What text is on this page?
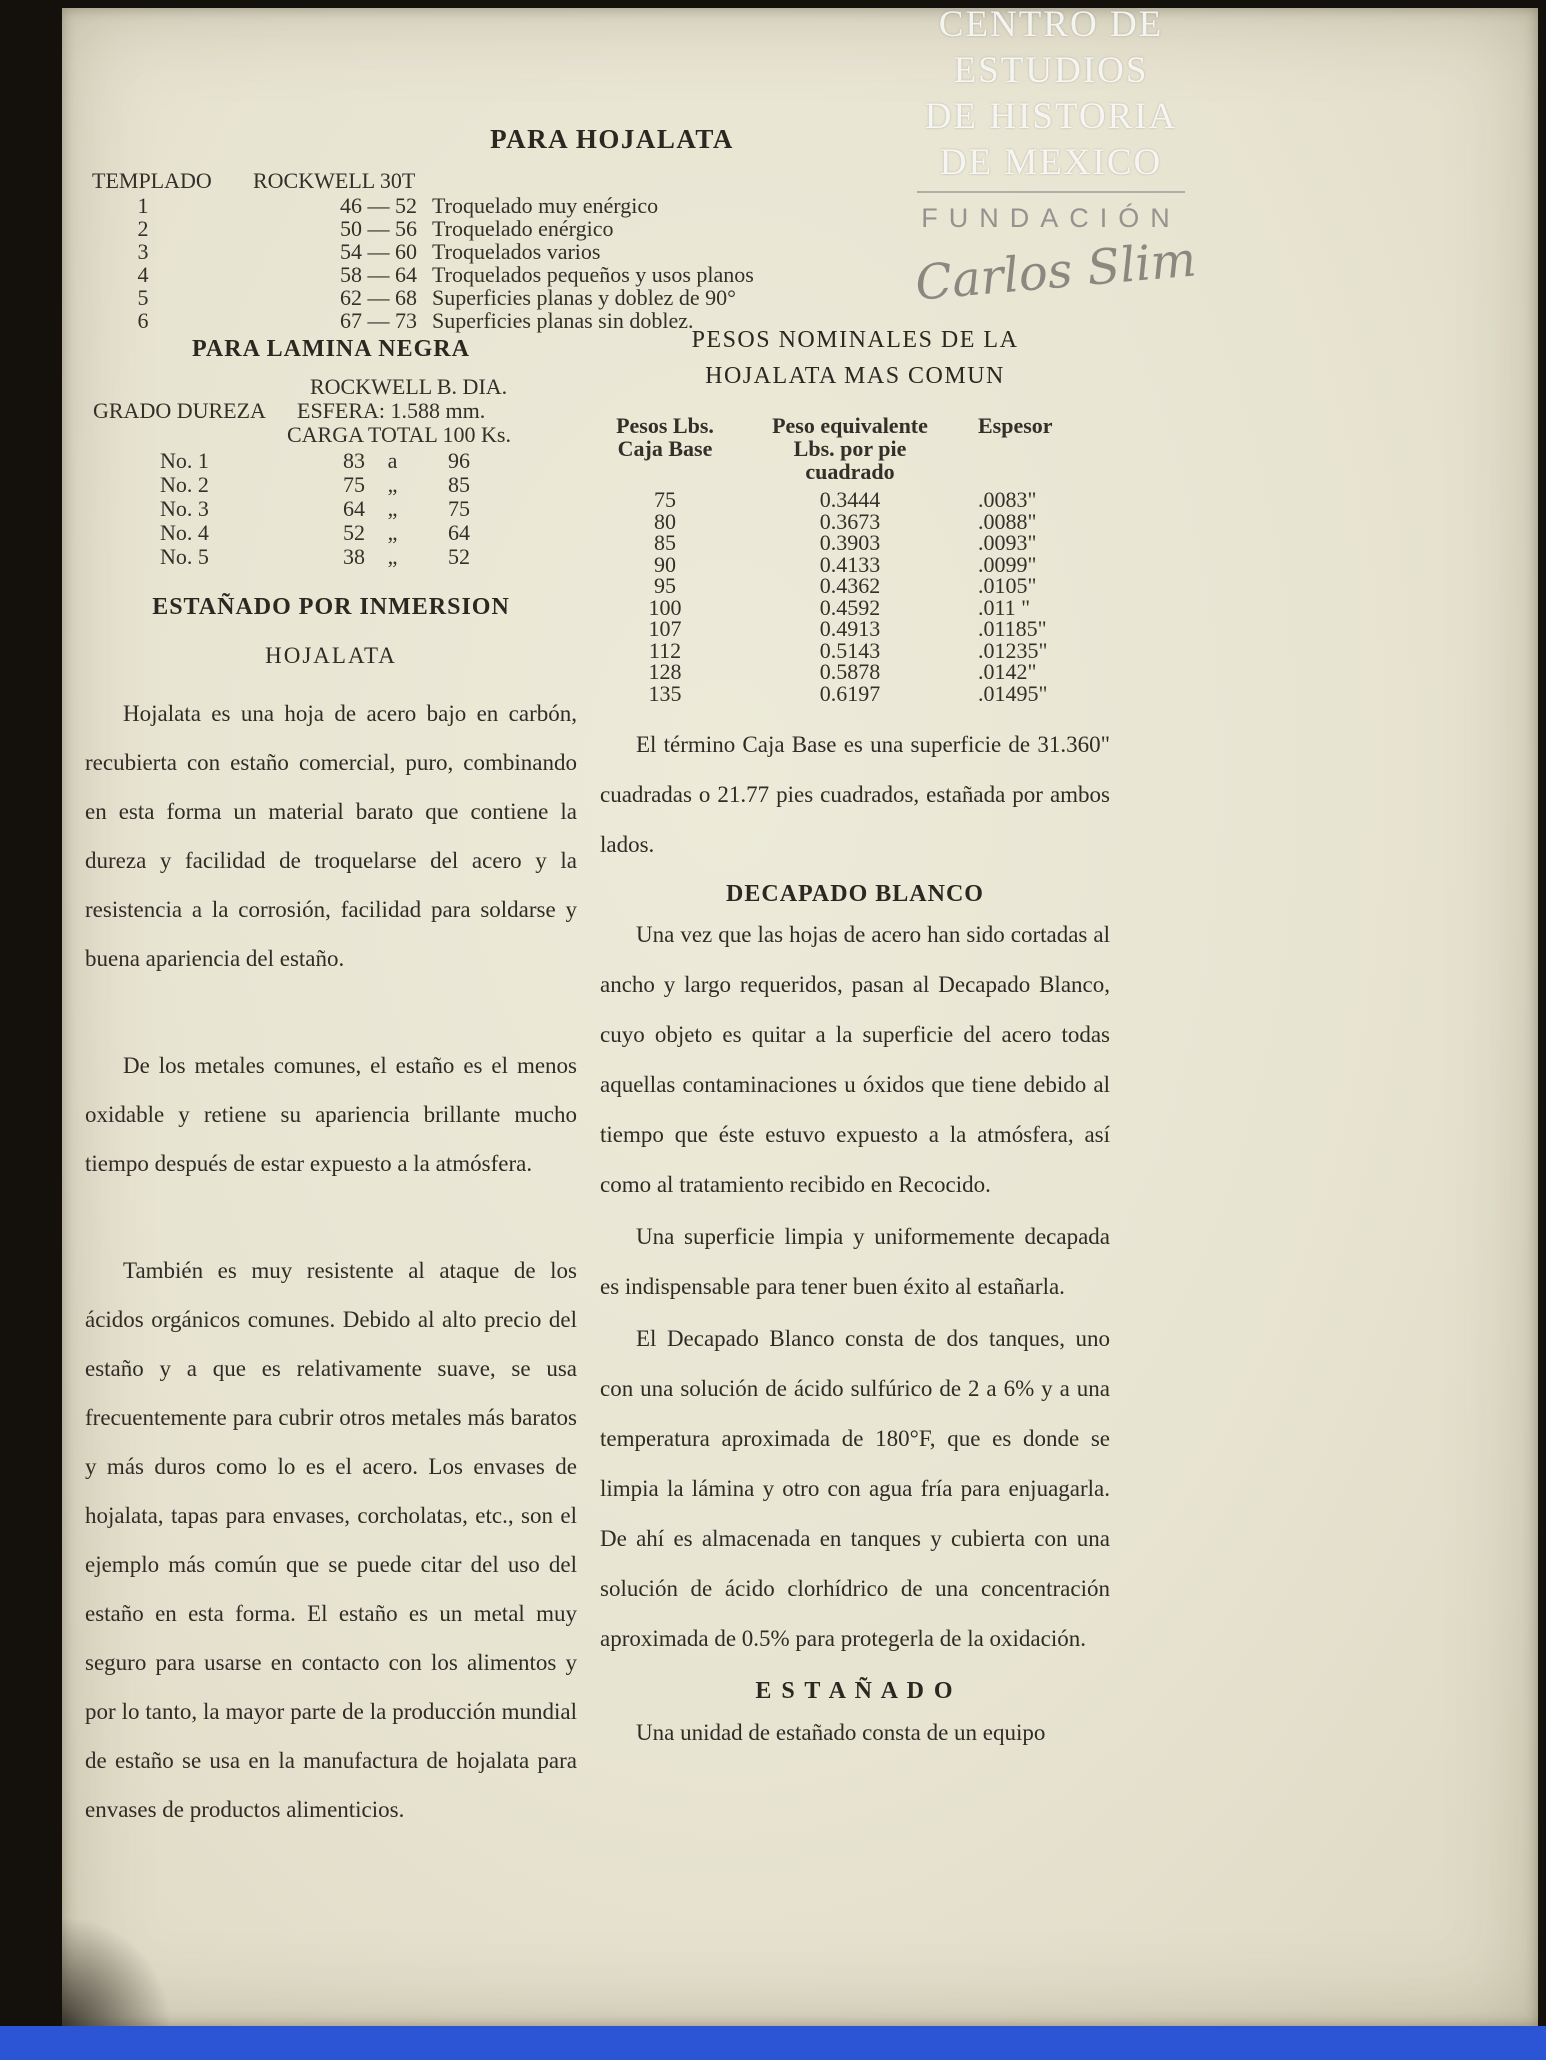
PARA HOJALATA
TEMPLADO	ROCKWELL 30T
1	46 — 52 Troquelado muy enérgico
2	50 — 56 Troquelado enérgico
3	54 — 60 Troquelados varios
4	58 — 64 Troquelados pequeños y usos planos
5	62 — 68 Superficies planas y doblez de 90°
6	67 — 73 Superficies planas sin doblez.
PARA LAMINA NEGRA
ROCKWELL B. DIA.
GRADO DUREZA	ESFERA: 1.588 mm.
CARGA TOTAL 100 Ks.
No. 1	83	a	96
No. 2	75	„	85
No. 3	64	„	75
No. 4	52	„	64
No. 5	38	„	52
ESTAÑADO POR INMERSION
HOJALATA

Hojalata es una hoja de acero bajo en carbón, recubierta con estaño comercial, puro, combinando en esta forma un material barato que contiene la dureza y facilidad de troquelarse del acero y la resistencia a la corrosión, facilidad para soldarse y buena apariencia del estaño.

De los metales comunes, el estaño es el menos oxidable y retiene su apariencia brillante mucho tiempo después de estar expuesto a la atmósfera.

También es muy resistente al ataque de los ácidos orgánicos comunes. Debido al alto precio del estaño y a que es relativamente suave, se usa frecuentemente para cubrir otros metales más baratos y más duros como lo es el acero. Los envases de hojalata, tapas para envases, corcholatas, etc., son el ejemplo más común que se puede citar del uso del estaño en esta forma. El estaño es un metal muy seguro para usarse en contacto con los alimentos y por lo tanto, la mayor parte de la producción mundial de estaño se usa en la manufactura de hojalata para envases de productos alimenticios.

PESOS NOMINALES DE LA
HOJALATA MAS COMUN
Pesos Lbs.
Caja Base
Peso equivalente
Lbs. por pie
cuadrado
Espesor
75	0.3444	.0083"
80	0.3673	.0088"
85	0.3903	.0093"
90	0.4133	.0099"
95	0.4362	.0105"
100	0.4592	.011 "
107	0.4913	.01185"
112	0.5143	.01235"
128	0.5878	.0142"
135	0.6197	.01495"

El término Caja Base es una superficie de 31.360" cuadradas o 21.77 pies cuadrados, estañada por ambos lados.

DECAPADO BLANCO

Una vez que las hojas de acero han sido cortadas al ancho y largo requeridos, pasan al Decapado Blanco, cuyo objeto es quitar a la superficie del acero todas aquellas contaminaciones u óxidos que tiene debido al tiempo que éste estuvo expuesto a la atmósfera, así como al tratamiento recibido en Recocido.

Una superficie limpia y uniformemente decapada es indispensable para tener buen éxito al estañarla.

El Decapado Blanco consta de dos tanques, uno con una solución de ácido sulfúrico de 2 a 6% y a una temperatura aproximada de 180°F, que es donde se limpia la lámina y otro con agua fría para enjuagarla. De ahí es almacenada en tanques y cubierta con una solución de ácido clorhídrico de una concentración aproximada de 0.5% para protegerla de la oxidación.

E S T A Ñ A D O

Una unidad de estañado consta de un equipo

CENTRO DE
ESTUDIOS
DE HISTORIA
DE MEXICO
FUNDACIÓN
Carlos Slim
